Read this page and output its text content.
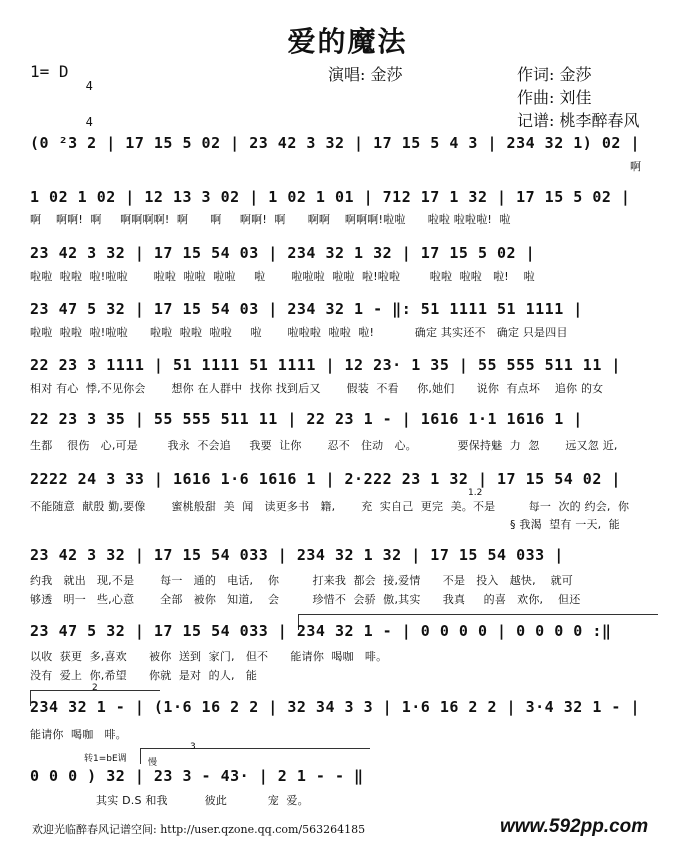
爱的魔法
1= D

4

4

演唱: 金莎	作词: 金莎
作曲: 刘佳
记谱: 桃李醉春风
(0 ²3 2 | 17 15 5 02 | 23 42 3 32 | 17 15 5 4 3 | 234 32 1) 02 |
啊
1 02 1 02 | 12 13 3 02 | 1 02 1 01 | 712 17 1 32 | 17 15 5 02 |
啊    啊啊!  啊     啊啊啊啊!  啊      啊     啊啊!  啊      啊啊    啊啊啊!啦啦      啦啦 啦啦啦!  啦
23 42 3 32 | 17 15 54 03 | 234 32 1 32 | 17 15 5 02 |
啦啦  啦啦  啦!啦啦       啦啦  啦啦  啦啦     啦       啦啦啦  啦啦  啦!啦啦        啦啦  啦啦   啦!    啦
23 47 5 32 | 17 15 54 03 | 234 32 1 - ‖: 51 1111 51 1111 |
啦啦  啦啦  啦!啦啦      啦啦  啦啦  啦啦     啦       啦啦啦  啦啦  啦!           确定 其实还不   确定 只是四目
22 23 3 1111 | 51 1111 51 1111 | 12 23· 1 35 | 55 555 511 11 |
相对 有心  悸,不见你会       想你 在人群中  找你 找到后又       假装  不看     你,她们      说你  有点坏    追你 的女
22 23 3 35 | 55 555 511 11 | 22 23 1 - | 1616 1·1 1616 1 |
生都    很伤   心,可是        我永  不会追     我要  让你       忍不   住动   心。           要保持魅  力  忽       远又忽 近,
2222 24 3 33 | 1616 1·6 1616 1 | 2·222 23 1 32 | 17 15 54 02 |
不能随意  献殷 勤,要像       蜜桃般甜  美  闻   读更多书   籍,       充  实自己  更完  美。不是         每一  次的 约会,  你
§ 我渴  望有 一天,  能
1.2
23 42 3 32 | 17 15 54 033 | 234 32 1 32 | 17 15 54 033 |
约我   就出   现,不是       每一   通的   电话,    你         打来我  都会  接,爱情      不是   投入   越快,    就可
够透   明一   些,心意       全部   被你   知道,    会         珍惜不  会骄  傲,其实      我真     的喜   欢你,    但还
23 47 5 32 | 17 15 54 033 | 234 32 1 - | 0 0 0 0 | 0 0 0 0 :‖
以收  获更  多,喜欢      被你  送到  家门,   但不      能请你  喝咖   啡。
没有  爱上  你,希望      你就  是对  的人,   能
2
234 32 1 - | (1·6 16 2 2 | 32 34 3 3 | 1·6 16 2 2 | 3·4 32 1 - |
能请你  喝咖   啡。
转1=bE调 慢
3
0 0 0 ) 32 | 23 3 - 43· | 2 1 - - ‖
其实 D.S 和我          彼此           宠  爱。
欢迎光临醉春风记谱空间: http://user.qzone.qq.com/563264185	www.592pp.com
